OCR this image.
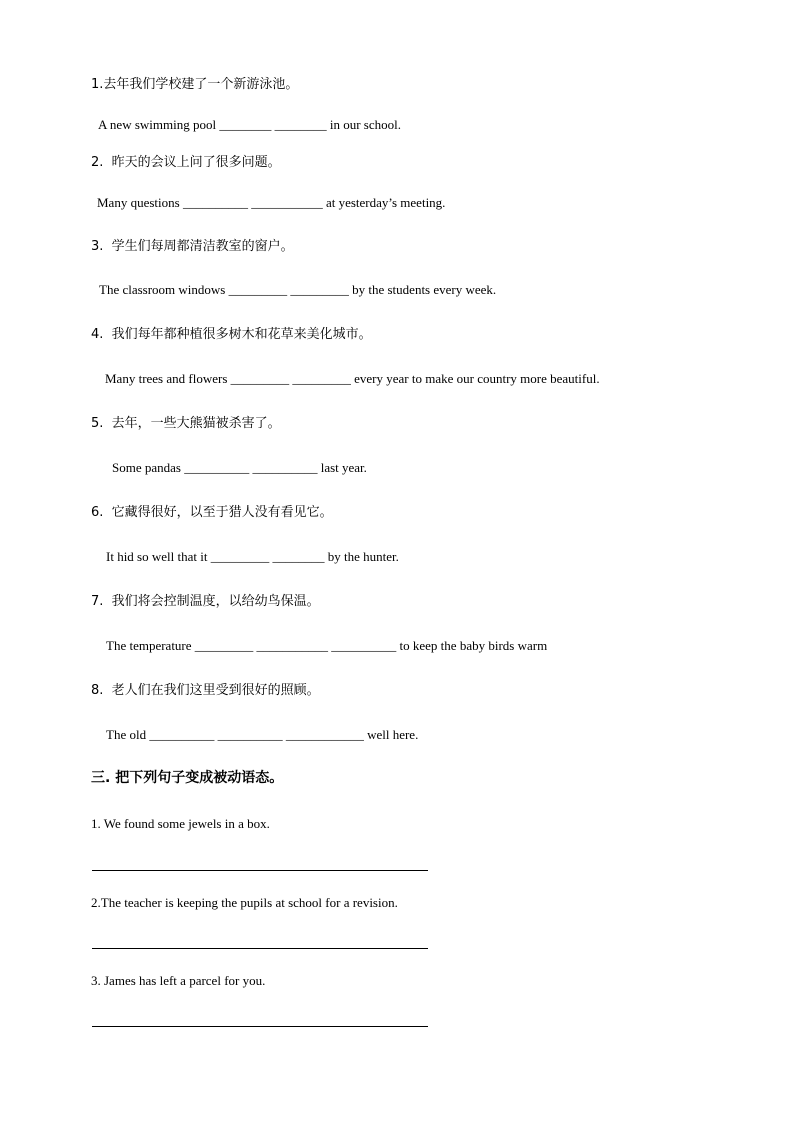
1.去年我们学校建了一个新游泳池。
A new swimming pool ________ ________ in our school.
2.  昨天的会议上问了很多问题。
Many questions __________ ___________ at yesterday’s meeting.
3.  学生们每周都清洁教室的窗户。
The classroom windows _________ _________ by the students every week.
4.  我们每年都种植很多树木和花草来美化城市。
Many trees and flowers _________ _________ every year to make our country more beautiful.
5.  去年，一些大熊猫被杀害了。
Some pandas __________ __________ last year.
6.  它藏得很好，以至于猎人没有看见它。
It hid so well that it _________ ________ by the hunter.
7.  我们将会控制温度，以给幼鸟保温。
The temperature _________ ___________ __________ to keep the baby birds warm
8.  老人们在我们这里受到很好的照顾。
The old __________ __________ ____________ well here.
三. 把下列句子变成被动语态。
1. We found some jewels in a box.
2.The teacher is keeping the pupils at school for a revision.
3. James has left a parcel for you.
